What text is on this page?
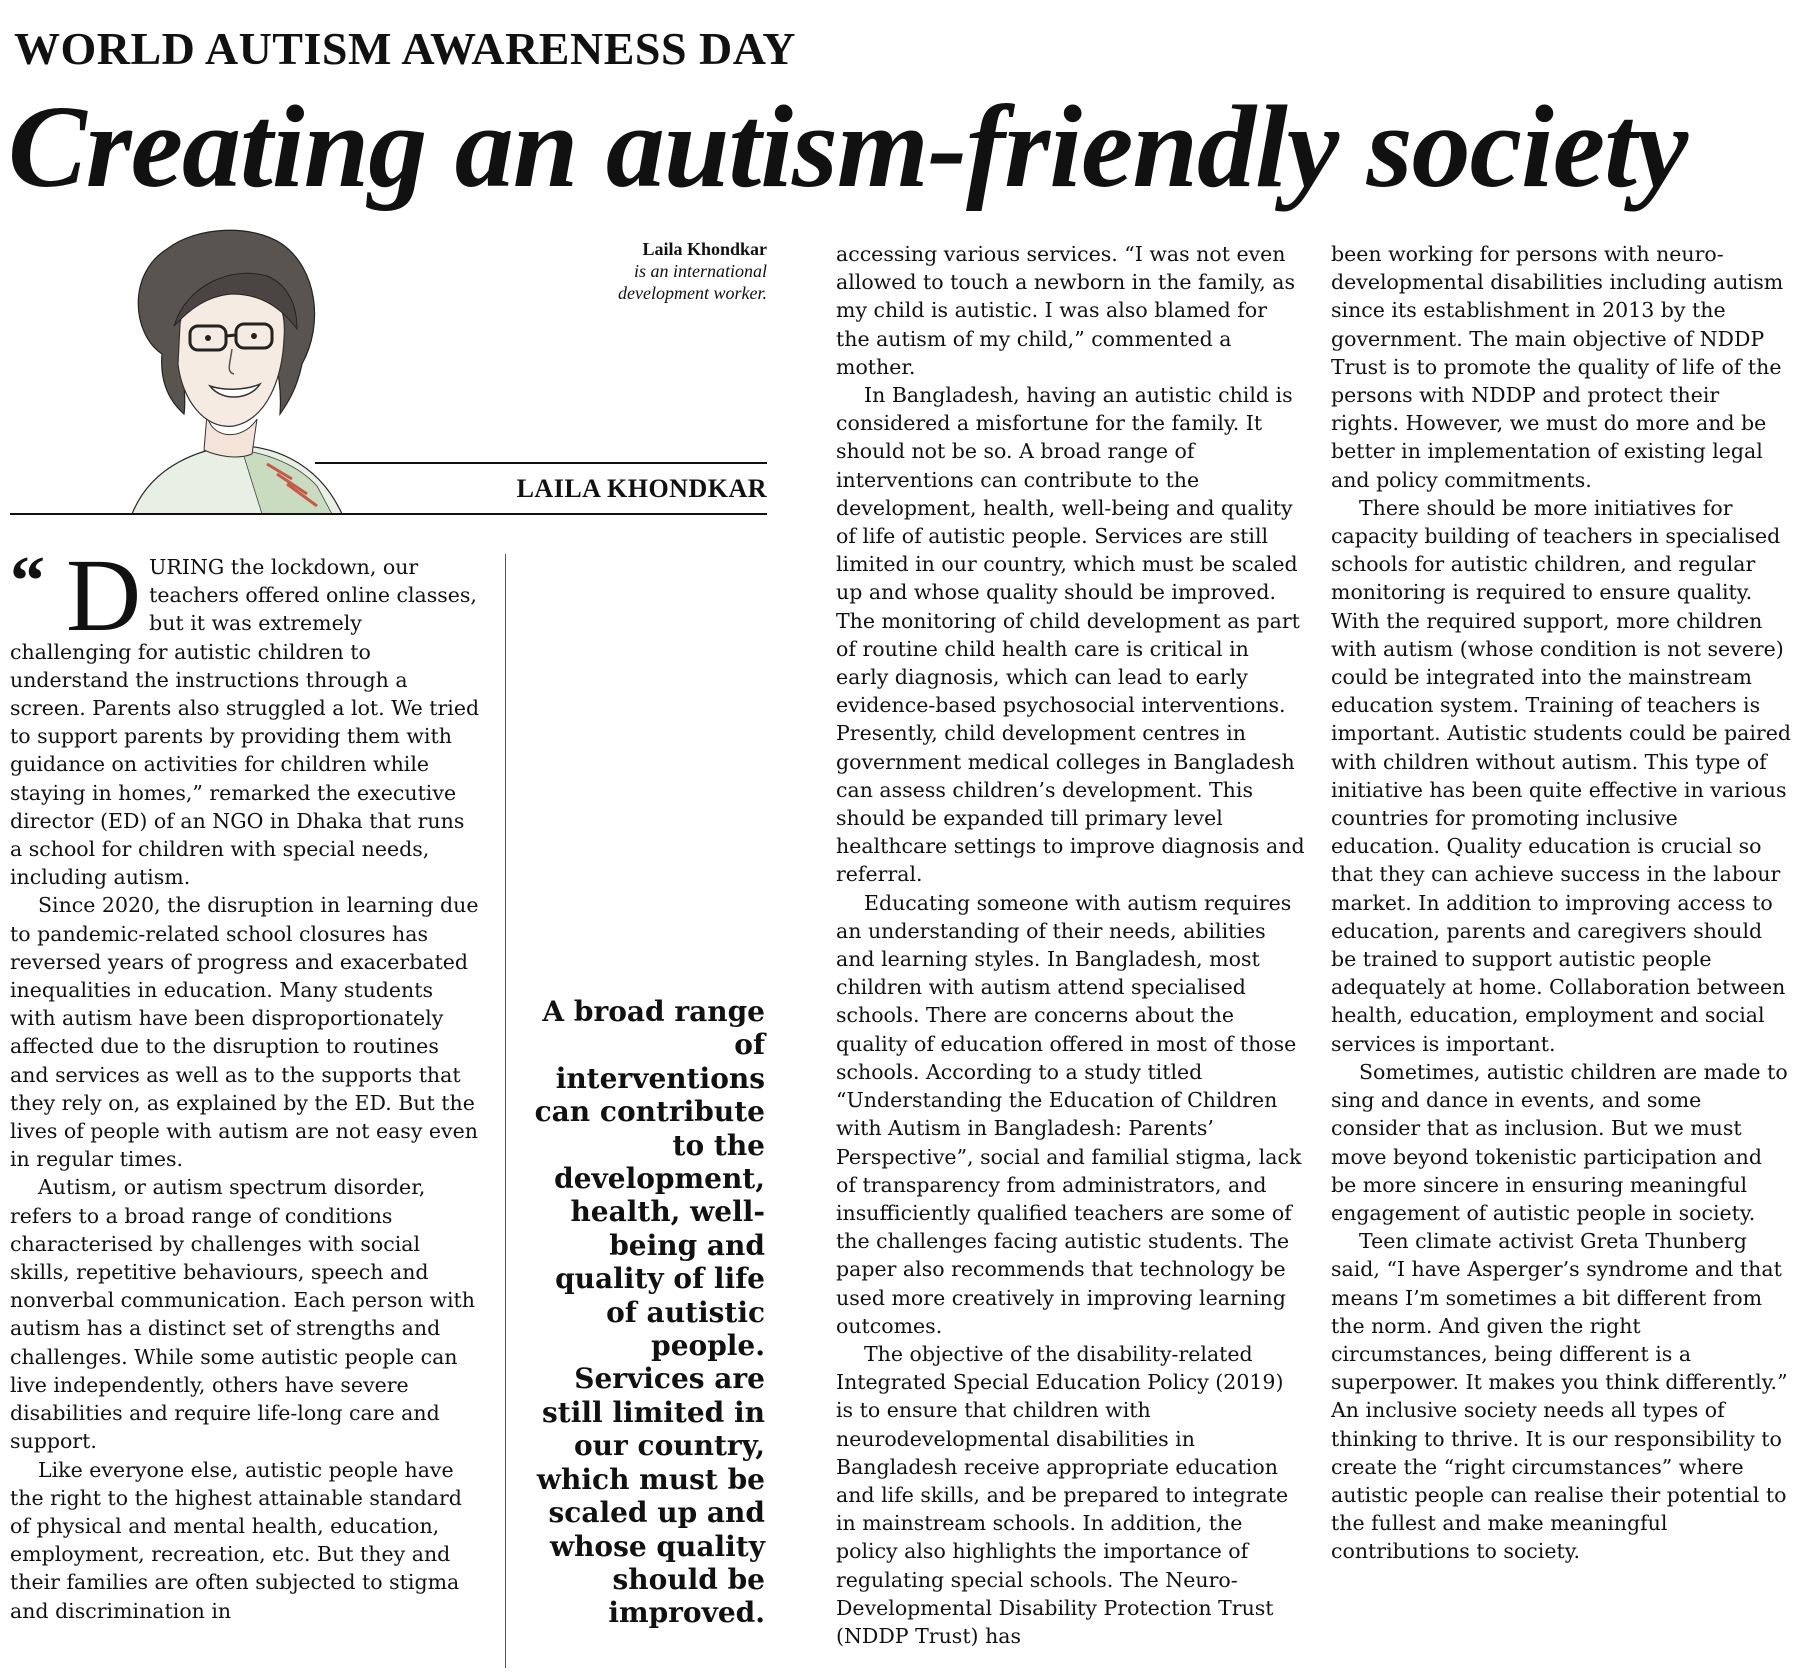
WORLD AUTISM AWARENESS DAY
Creating an autism-friendly society
Laila Khondkar
is an international
development worker.
LAILA KHONDKAR

“ D URING the lockdown, our teachers offered online classes, but it was extremely challenging for autistic children to understand the instructions through a screen. Parents also struggled a lot. We tried to support parents by providing them with guidance on activities for children while staying in homes,” remarked the executive director (ED) of an NGO in Dhaka that runs a school for children with special needs, including autism.

Since 2020, the disruption in learning due to pandemic-related school closures has reversed years of progress and exacerbated inequalities in education. Many students with autism have been disproportionately affected due to the disruption to routines and services as well as to the supports that they rely on, as explained by the ED. But the lives of people with autism are not easy even in regular times.

Autism, or autism spectrum disorder, refers to a broad range of conditions characterised by challenges with social skills, repetitive behaviours, speech and nonverbal communication. Each person with autism has a distinct set of strengths and challenges. While some autistic people can live independently, others have severe disabilities and require life-long care and support.

Like everyone else, autistic people have the right to the highest attainable standard of physical and mental health, education, employment, recreation, etc. But they and their families are often subjected to stigma and discrimination in

A broad range of interventions can contribute to the development, health, well-being and quality of life of autistic people. Services are still limited in our country, which must be scaled up and whose quality should be improved.

accessing various services. “I was not even allowed to touch a newborn in the family, as my child is autistic. I was also blamed for the autism of my child,” commented a mother.

In Bangladesh, having an autistic child is considered a misfortune for the family. It should not be so. A broad range of interventions can contribute to the development, health, well-being and quality of life of autistic people. Services are still limited in our country, which must be scaled up and whose quality should be improved. The monitoring of child development as part of routine child health care is critical in early diagnosis, which can lead to early evidence-based psychosocial interventions. Presently, child development centres in government medical colleges in Bangladesh can assess children’s development. This should be expanded till primary level healthcare settings to improve diagnosis and referral.

Educating someone with autism requires an understanding of their needs, abilities and learning styles. In Bangladesh, most children with autism attend specialised schools. There are concerns about the quality of education offered in most of those schools. According to a study titled “Understanding the Education of Children with Autism in Bangladesh: Parents’ Perspective”, social and familial stigma, lack of transparency from administrators, and insufficiently qualified teachers are some of the challenges facing autistic students. The paper also recommends that technology be used more creatively in improving learning outcomes.

The objective of the disability-related Integrated Special Education Policy (2019) is to ensure that children with neurodevelopmental disabilities in Bangladesh receive appropriate education and life skills, and be prepared to integrate in mainstream schools. In addition, the policy also highlights the importance of regulating special schools. The Neuro-Developmental Disability Protection Trust (NDDP Trust) has

been working for persons with neuro-developmental disabilities including autism since its establishment in 2013 by the government. The main objective of NDDP Trust is to promote the quality of life of the persons with NDDP and protect their rights. However, we must do more and be better in implementation of existing legal and policy commitments.

There should be more initiatives for capacity building of teachers in specialised schools for autistic children, and regular monitoring is required to ensure quality. With the required support, more children with autism (whose condition is not severe) could be integrated into the mainstream education system. Training of teachers is important. Autistic students could be paired with children without autism. This type of initiative has been quite effective in various countries for promoting inclusive education. Quality education is crucial so that they can achieve success in the labour market. In addition to improving access to education, parents and caregivers should be trained to support autistic people adequately at home. Collaboration between health, education, employment and social services is important.

Sometimes, autistic children are made to sing and dance in events, and some consider that as inclusion. But we must move beyond tokenistic participation and be more sincere in ensuring meaningful engagement of autistic people in society.

Teen climate activist Greta Thunberg said, “I have Asperger’s syndrome and that means I’m sometimes a bit different from the norm. And given the right circumstances, being different is a superpower. It makes you think differently.” An inclusive society needs all types of thinking to thrive. It is our responsibility to create the “right circumstances” where autistic people can realise their potential to the fullest and make meaningful contributions to society.
